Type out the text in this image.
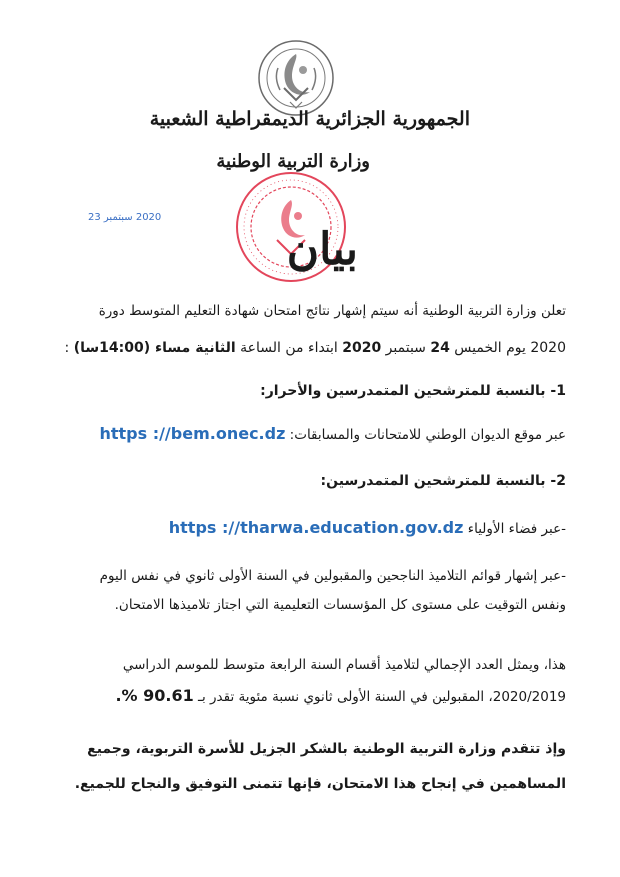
الجمهورية الجزائرية الديمقراطية الشعبية
وزارة التربية الوطنية
2020 سبتمبر 23
بيان
تعلن وزارة التربية الوطنية أنه سيتم إشهار نتائج امتحان شهادة التعليم المتوسط دورة
2020 يوم الخميس 24 سبتمبر 2020 ابتداء من الساعة الثانية مساء (14:00سا) :
1- بالنسبة للمترشحين المتمدرسين والأحرار:
عبر موقع الديوان الوطني للامتحانات والمسابقات: https ://bem.onec.dz
2- بالنسبة للمترشحين المتمدرسين:
-عبر فضاء الأولياء https ://tharwa.education.gov.dz
-عبر إشهار قوائم التلاميذ الناجحين والمقبولين في السنة الأولى ثانوي في نفس اليوم
ونفس التوقيت على مستوى كل المؤسسات التعليمية التي اجتاز تلاميذها الامتحان.
هذا، ويمثل العدد الإجمالي لتلاميذ أقسام السنة الرابعة متوسط للموسم الدراسي
2020/2019، المقبولين في السنة الأولى ثانوي نسبة مئوية تقدر بـ 90.61 %.
وإذ تتقدم وزارة التربية الوطنية بالشكر الجزيل للأسرة التربوية، وجميع
المساهمين في إنجاح هذا الامتحان، فإنها تتمنى التوفيق والنجاح للجميع.
